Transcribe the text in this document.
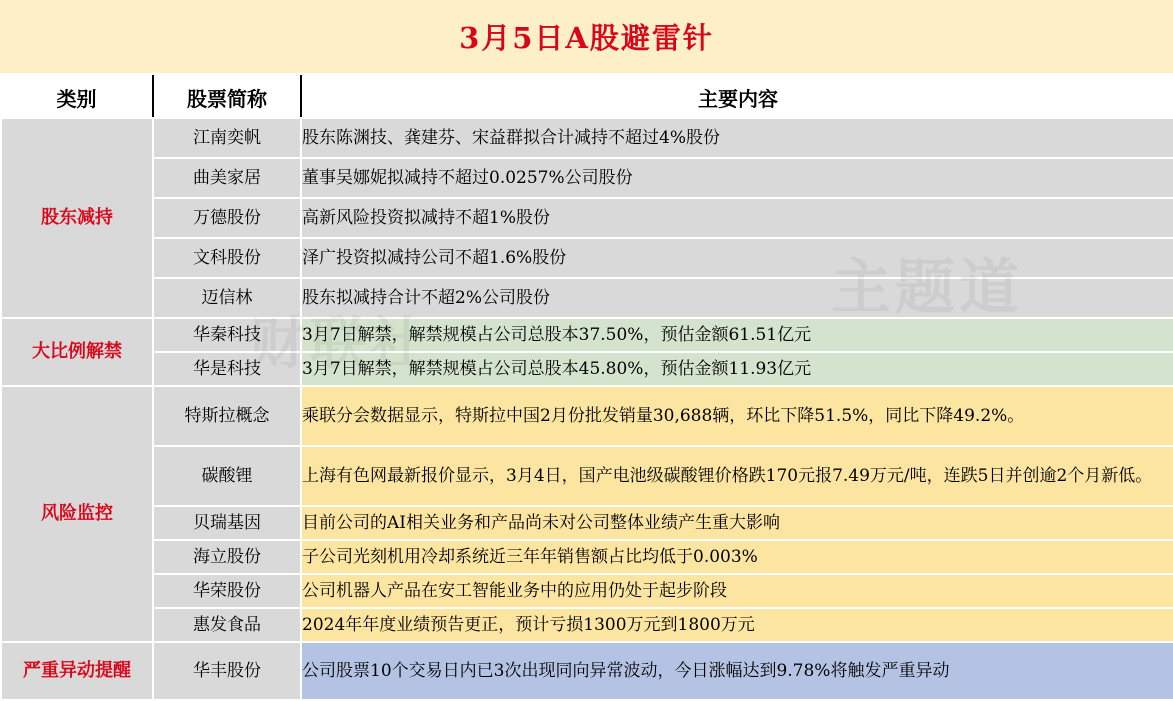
3月5日A股避雷针
类别	股票简称	主要内容
股东减持	江南奕帆	股东陈渊技、龚建芬、宋益群拟合计减持不超过4%股份
	曲美家居	董事吴娜妮拟减持不超过0.0257%公司股份
	万德股份	高新风险投资拟减持不超1%股份
	文科股份	泽广投资拟减持公司不超1.6%股份
	迈信林	股东拟减持合计不超2%公司股份
大比例解禁	华秦科技	3月7日解禁，解禁规模占公司总股本37.50%，预估金额61.51亿元
	华是科技	3月7日解禁，解禁规模占公司总股本45.80%，预估金额11.93亿元
风险监控	特斯拉概念	乘联分会数据显示，特斯拉中国2月份批发销量30,688辆，环比下降51.5%，同比下降49.2%。
	碳酸锂	上海有色网最新报价显示，3月4日，国产电池级碳酸锂价格跌170元报7.49万元/吨，连跌5日并创逾2个月新低。
	贝瑞基因	目前公司的AI相关业务和产品尚未对公司整体业绩产生重大影响
	海立股份	子公司光刻机用冷却系统近三年年销售额占比均低于0.003%
	华荣股份	公司机器人产品在安工智能业务中的应用仍处于起步阶段
	惠发食品	2024年年度业绩预告更正，预计亏损1300万元到1800万元
严重异动提醒	华丰股份	公司股票10个交易日内已3次出现同向异常波动，今日涨幅达到9.78%将触发严重异动
